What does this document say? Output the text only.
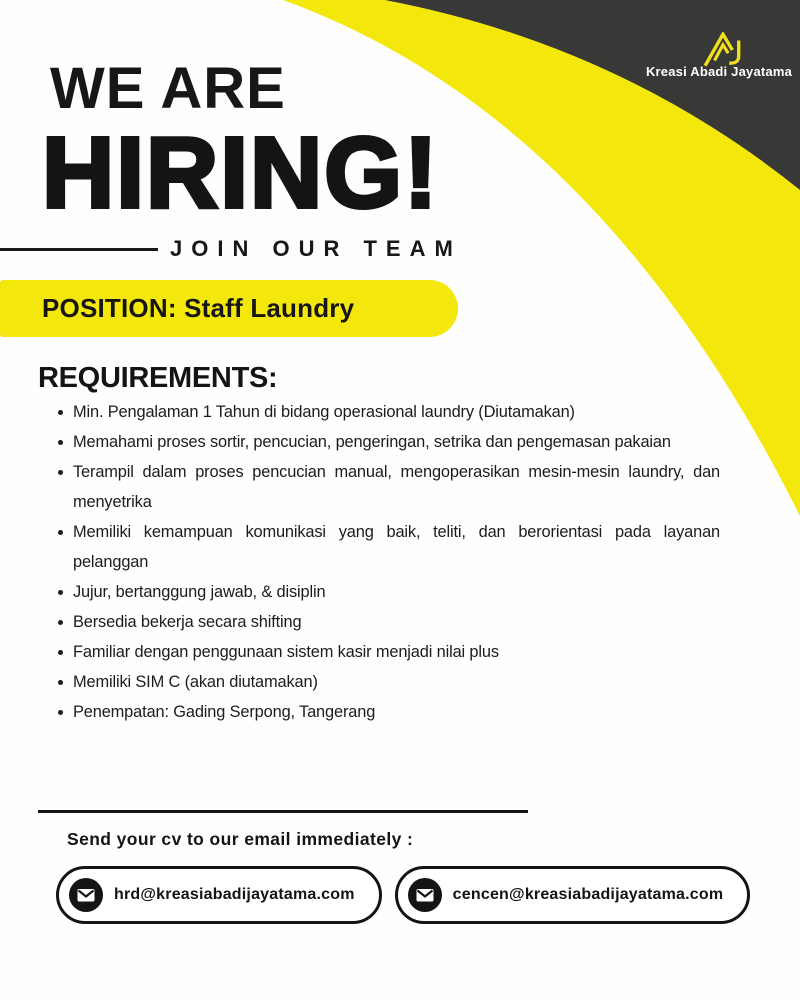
Kreasi Abadi Jayatama
WE ARE
HIRING!
JOIN OUR TEAM
POSITION: Staff Laundry
REQUIREMENTS:
Min. Pengalaman 1 Tahun di bidang operasional laundry (Diutamakan)
Memahami proses sortir, pencucian, pengeringan, setrika dan pengemasan pakaian
Terampil dalam proses pencucian manual, mengoperasikan mesin-mesin laundry, dan menyetrika
Memiliki kemampuan komunikasi yang baik, teliti, dan berorientasi pada layanan pelanggan
Jujur, bertanggung jawab, & disiplin
Bersedia bekerja secara shifting
Familiar dengan penggunaan sistem kasir menjadi nilai plus
Memiliki SIM C (akan diutamakan)
Penempatan: Gading Serpong, Tangerang
Send your cv to our email immediately :
hrd@kreasiabadijayatama.com	cencen@kreasiabadijayatama.com
